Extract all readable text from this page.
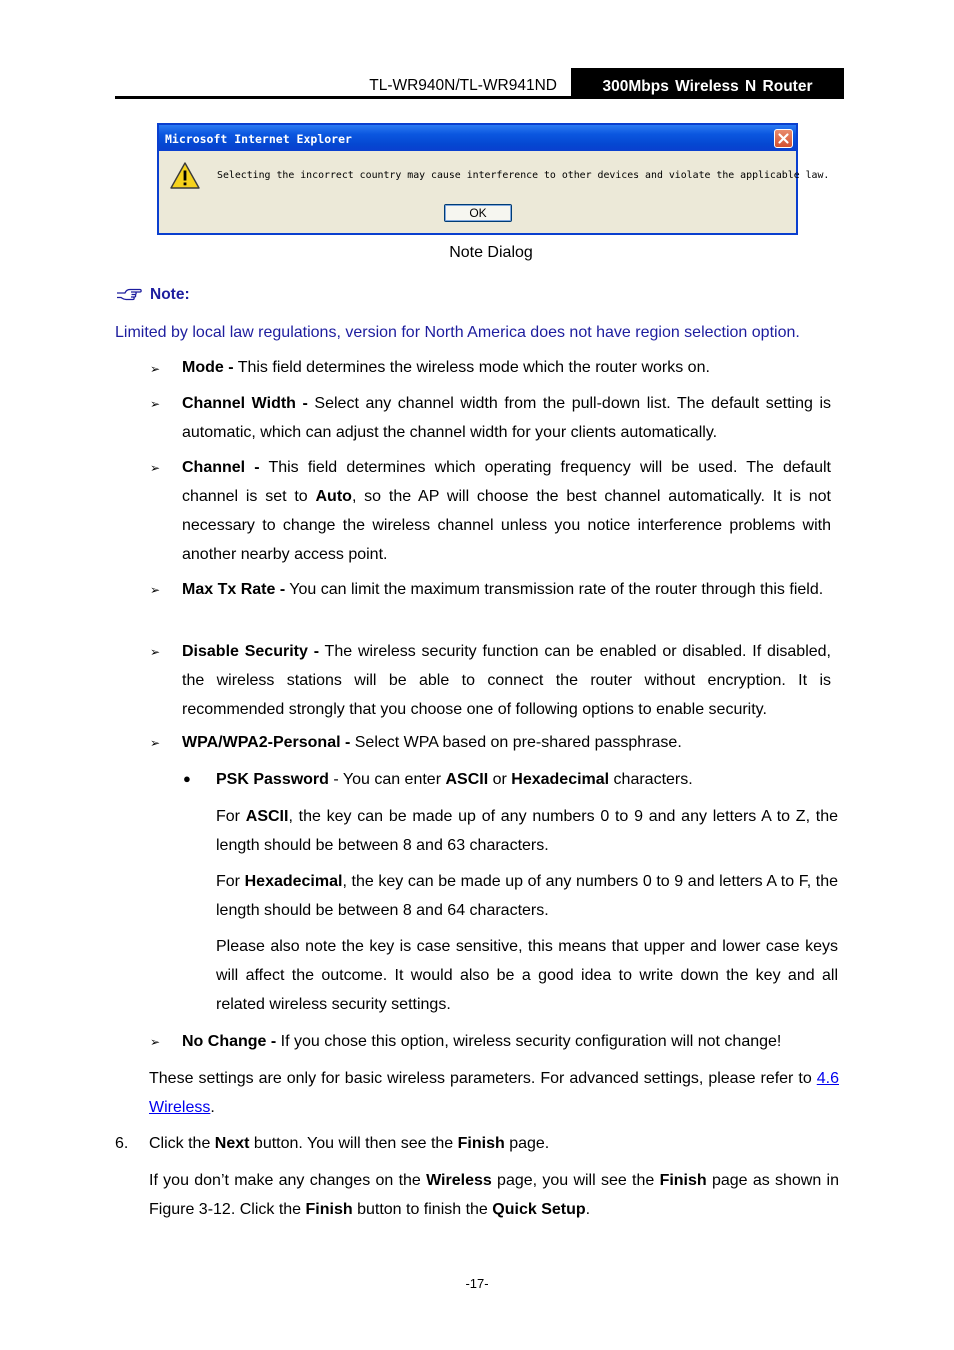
TL-WR940N/TL-WR941ND	300Mbps Wireless N Router
Microsoft Internet Explorer
Selecting the incorrect country may cause interference to other devices and violate the applicable law.
OK
Note Dialog
Note:
Limited by local law regulations, version for North America does not have region selection option.
➢ Mode - This field determines the wireless mode which the router works on.
➢ Channel Width - Select any channel width from the pull-down list. The default setting is automatic, which can adjust the channel width for your clients automatically.
➢ Channel - This field determines which operating frequency will be used. The default channel is set to Auto, so the AP will choose the best channel automatically. It is not necessary to change the wireless channel unless you notice interference problems with another nearby access point.
➢ Max Tx Rate - You can limit the maximum transmission rate of the router through this field.
➢ Disable Security - The wireless security function can be enabled or disabled. If disabled, the wireless stations will be able to connect the router without encryption. It is recommended strongly that you choose one of following options to enable security.
➢ WPA/WPA2-Personal - Select WPA based on pre-shared passphrase.
● PSK Password - You can enter ASCII or Hexadecimal characters.
For ASCII, the key can be made up of any numbers 0 to 9 and any letters A to Z, the length should be between 8 and 63 characters.
For Hexadecimal, the key can be made up of any numbers 0 to 9 and letters A to F, the length should be between 8 and 64 characters.
Please also note the key is case sensitive, this means that upper and lower case keys will affect the outcome. It would also be a good idea to write down the key and all related wireless security settings.
➢ No Change - If you chose this option, wireless security configuration will not change!
These settings are only for basic wireless parameters. For advanced settings, please refer to 4.6 Wireless.
6. Click the Next button. You will then see the Finish page.
If you don’t make any changes on the Wireless page, you will see the Finish page as shown in Figure 3-12. Click the Finish button to finish the Quick Setup.
-17-
